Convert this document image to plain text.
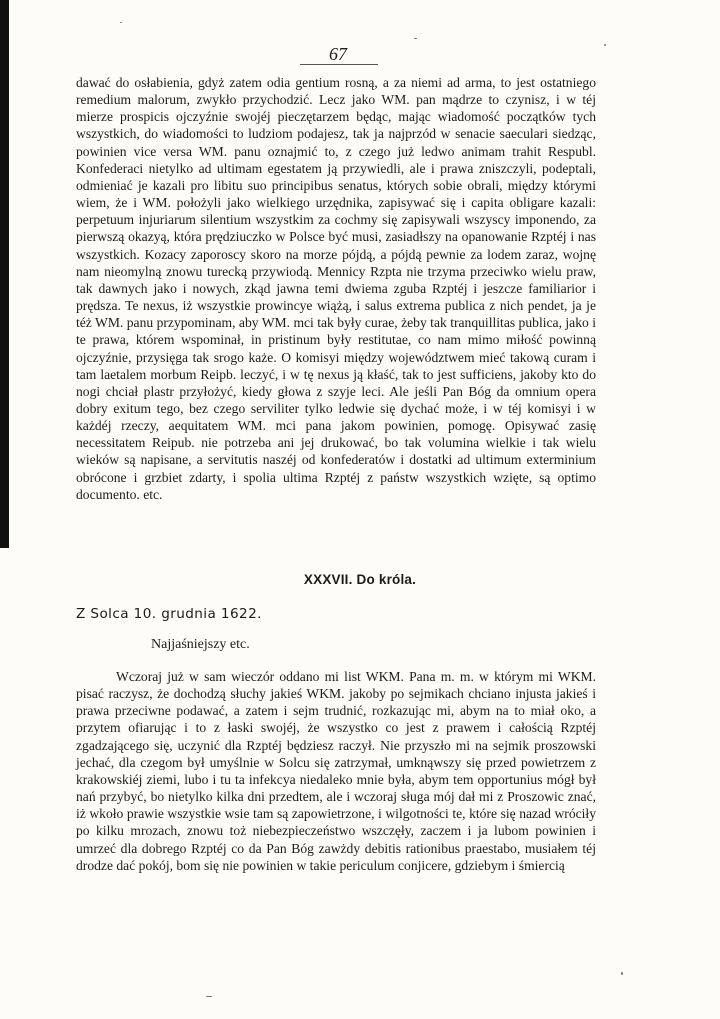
67

dawać do osłabienia, gdyż zatem odia gentium rosną, a za niemi ad arma, to jest ostatniego remedium malorum, zwykło przychodzić. Lecz jako WM. pan mądrze to czynisz, i w téj mierze prospicis ojczyźnie swojéj pieczętarzem będąc, mając wiadomość początków tych wszystkich, do wiadomości to ludziom podajesz, tak ja najprzód w senacie saeculari siedząc, powinien vice versa WM. panu oznajmić to, z czego już ledwo animam trahit Respubl. Konfederaci nietylko ad ultimam egestatem ją przywiedli, ale i prawa zniszczyli, podeptali, odmieniać je kazali pro libitu suo principibus senatus, których sobie obrali, między którymi wiem, że i WM. położyli jako wielkiego urzędnika, zapisywać się i capita obligare kazali: perpetuum injuriarum silentium wszystkim za cochmy się zapisywali wszyscy imponendo, za pierwszą okazyą, która prędziuczko w Polsce być musi, zasiadłszy na opanowanie Rzptéj i nas wszystkich. Kozacy zaporoscy skoro na morze pójdą, a pójdą pewnie za lodem zaraz, wojnę nam nieomylną znowu turecką przywiodą. Mennicy Rzpta nie trzyma przeciwko wielu praw, tak dawnych jako i nowych, zkąd jawna temi dwiema zguba Rzptéj i jeszcze familiarior i prędsza. Te nexus, iż wszystkie prowincye wiążą, i salus extrema publica z nich pendet, ja je téż WM. panu przypominam, aby WM. mci tak były curae, żeby tak tranquillitas publica, jako i te prawa, którem wspominał, in pristinum były restitutae, co nam mimo miłość powinną ojczyźnie, przysięga tak srogo każe. O komisyi między województwem mieć takową curam i tam laetalem morbum Reipb. leczyć, i w tę nexus ją kłaść, tak to jest sufficiens, jakoby kto do nogi chciał plastr przyłożyć, kiedy głowa z szyje leci. Ale jeśli Pan Bóg da omnium opera dobry exitum tego, bez czego serviliter tylko ledwie się dychać może, i w téj komisyi i w każdéj rzeczy, aequitatem WM. mci pana jakom powinien, pomogę. Opisywać zasię necessitatem Reipub. nie potrzeba ani jej drukować, bo tak volumina wielkie i tak wielu wieków są napisane, a servitutis naszéj od konfederatów i dostatki ad ultimum exterminium obrócone i grzbiet zdarty, i spolia ultima Rzptéj z państw wszystkich wzięte, są optimo documento. etc.

XXXVII. Do króla.

Z Solca 10. grudnia 1622.

Najjaśniejszy etc.

Wczoraj już w sam wieczór oddano mi list WKM. Pana m. m. w którym mi WKM. pisać raczysz, że dochodzą słuchy jakieś WKM. jakoby po sejmikach chciano injusta jakieś i prawa przeciwne podawać, a zatem i sejm trudnić, rozkazując mi, abym na to miał oko, a przytem ofiarując i to z łaski swojéj, że wszystko co jest z prawem i całością Rzptéj zgadzającego się, uczynić dla Rzptéj będziesz raczył. Nie przyszło mi na sejmik proszowski jechać, dla czegom był umyślnie w Solcu się zatrzymał, umknąwszy się przed powietrzem z krakowskiéj ziemi, lubo i tu ta infekcya niedaleko mnie była, abym tem opportunius mógł był nań przybyć, bo nietylko kilka dni przedtem, ale i wczoraj sługa mój dał mi z Proszowic znać, iż wkoło prawie wszystkie wsie tam są zapowietrzone, i wilgotności te, które się nazad wróciły po kilku mrozach, znowu toż niebezpieczeństwo wszczęły, zaczem i ja lubom powinien i umrzeć dla dobrego Rzptéj co da Pan Bóg zawżdy debitis rationibus praestabo, musiałem téj drodze dać pokój, bom się nie powinien w takie periculum conjicere, gdziebym i śmiercią
